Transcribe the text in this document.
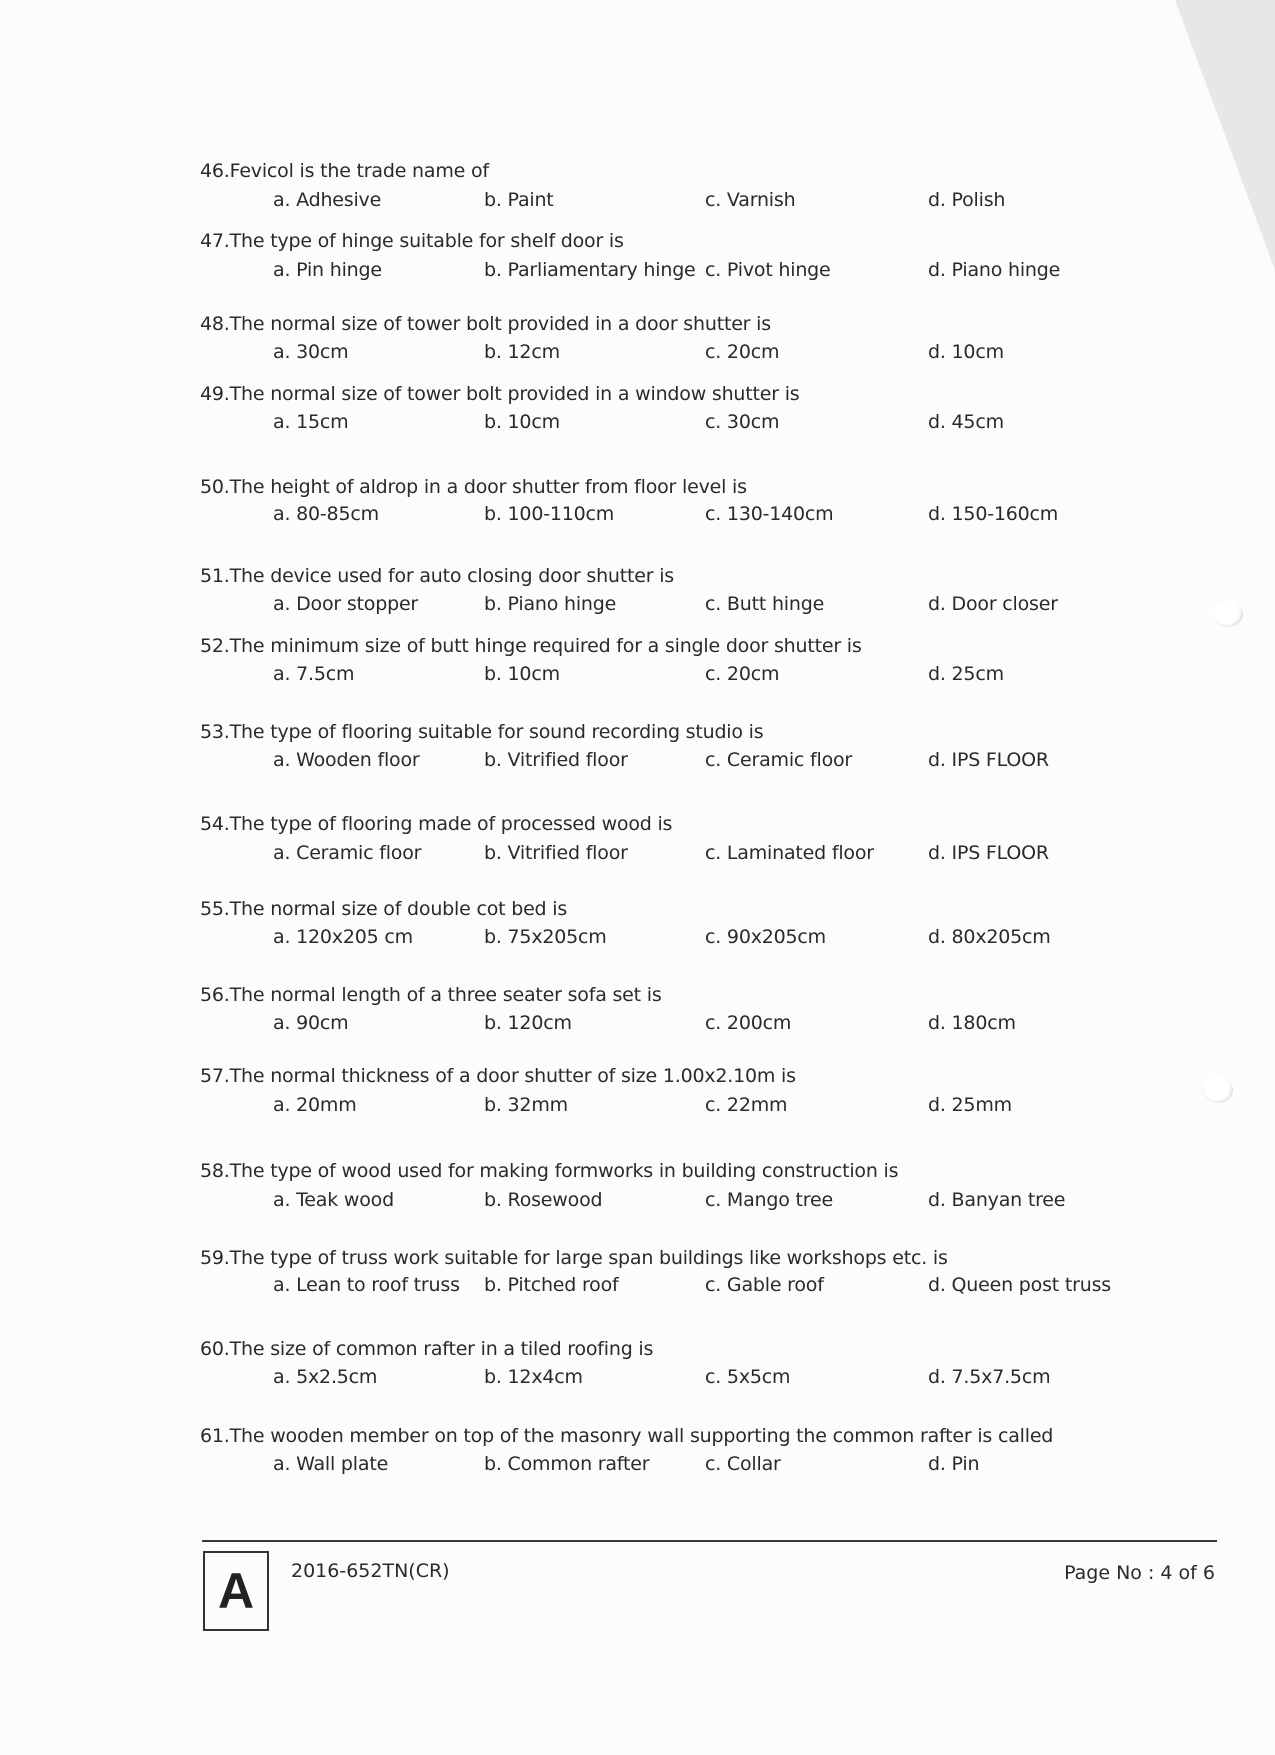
46.Fevicol is the trade name of
a. Adhesive	b. Paint	c. Varnish	d. Polish
47.The type of hinge suitable for shelf door is
a. Pin hinge	b. Parliamentary hinge c. Pivot hinge	d. Piano hinge
48.The normal size of tower bolt provided in a door shutter is
a. 30cm	b. 12cm	c. 20cm	d. 10cm
49.The normal size of tower bolt provided in a window shutter is
a. 15cm	b. 10cm	c. 30cm	d. 45cm
50.The height of aldrop in a door shutter from floor level is
a. 80-85cm	b. 100-110cm	c. 130-140cm	d. 150-160cm
51.The device used for auto closing door shutter is
a. Door stopper	b. Piano hinge	c. Butt hinge	d. Door closer
52.The minimum size of butt hinge required for a single door shutter is
a. 7.5cm	b. 10cm	c. 20cm	d. 25cm
53.The type of flooring suitable for sound recording studio is
a. Wooden floor	b. Vitrified floor	c. Ceramic floor	d. IPS FLOOR
54.The type of flooring made of processed wood is
a. Ceramic floor	b. Vitrified floor	c. Laminated floor	d. IPS FLOOR
55.The normal size of double cot bed is
a. 120x205 cm	b. 75x205cm	c. 90x205cm	d. 80x205cm
56.The normal length of a three seater sofa set is
a. 90cm	b. 120cm	c. 200cm	d. 180cm
57.The normal thickness of a door shutter of size 1.00x2.10m is
a. 20mm	b. 32mm	c. 22mm	d. 25mm
58.The type of wood used for making formworks in building construction is
a. Teak wood	b. Rosewood	c. Mango tree	d. Banyan tree
59.The type of truss work suitable for large span buildings like workshops etc. is
a. Lean to roof truss b. Pitched roof	c. Gable roof	d. Queen post truss
60.The size of common rafter in a tiled roofing is
a. 5x2.5cm	b. 12x4cm	c. 5x5cm	d. 7.5x7.5cm
61.The wooden member on top of the masonry wall supporting the common rafter is called
a. Wall plate	b. Common rafter	c. Collar	d. Pin
A 2016-652TN(CR)	Page No : 4 of 6
